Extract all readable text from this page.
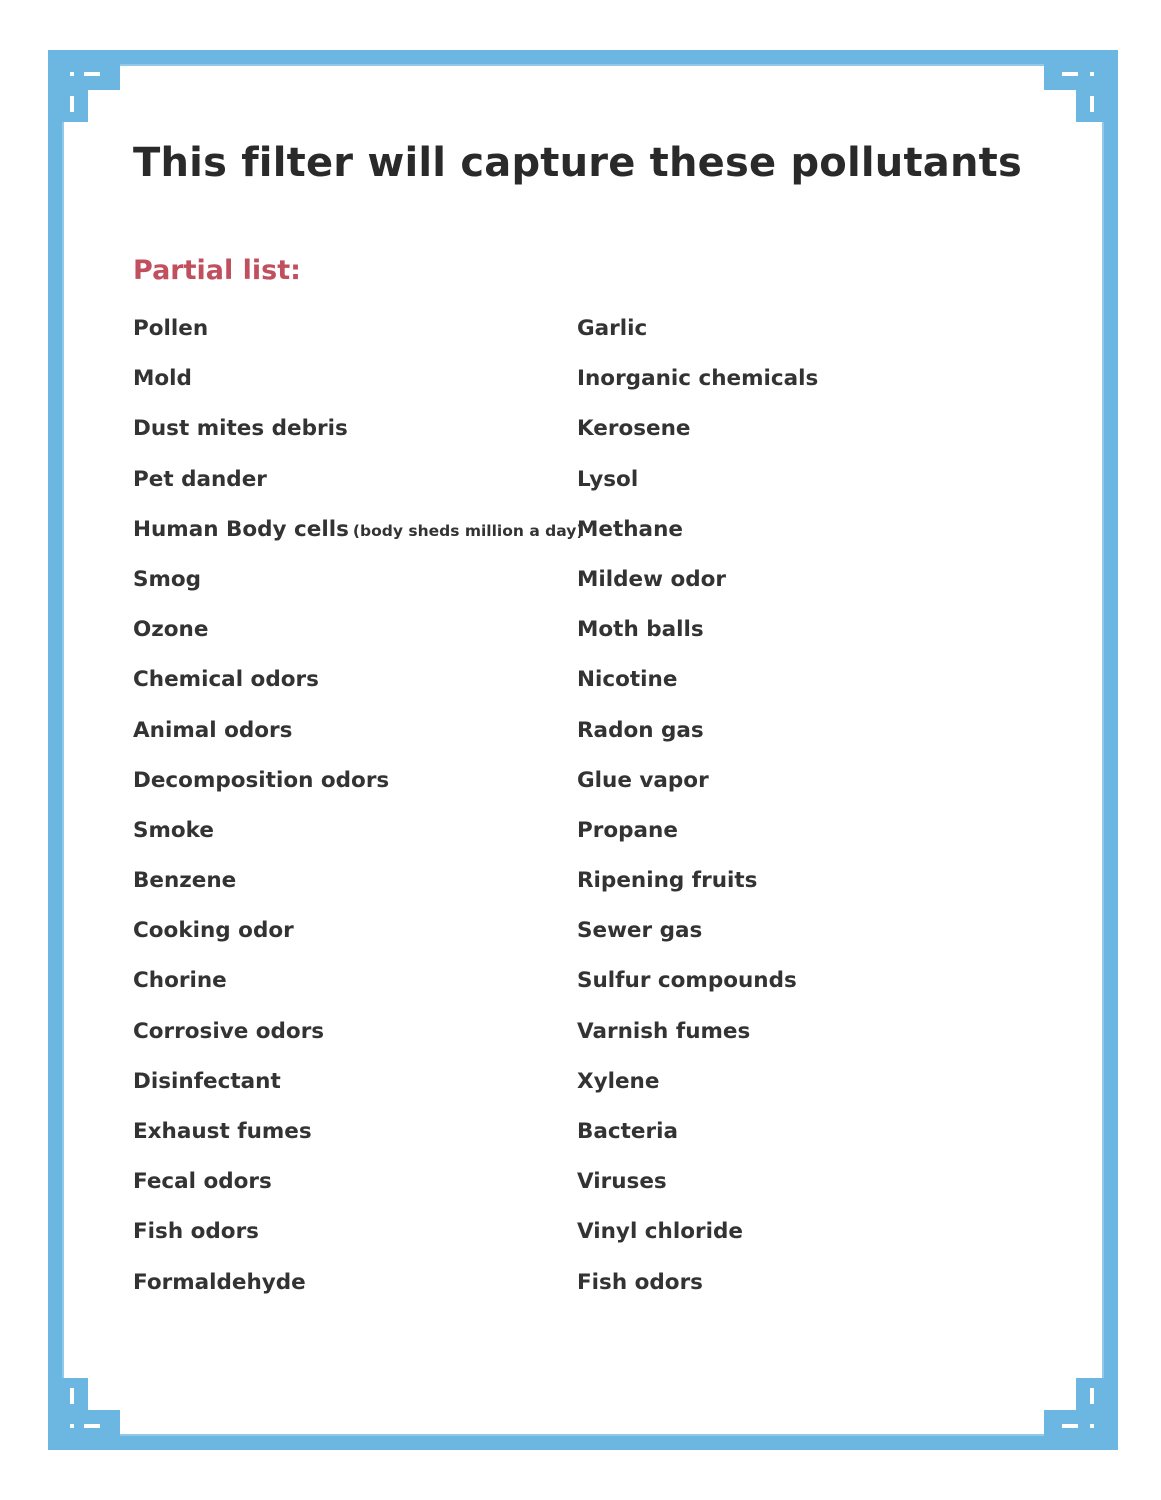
This filter will capture these pollutants
Partial list:
Pollen
Mold
Dust mites debris
Pet dander
Human Body cells (body sheds million a day)
Smog
Ozone
Chemical odors
Animal odors
Decomposition odors
Smoke
Benzene
Cooking odor
Chorine
Corrosive odors
Disinfectant
Exhaust fumes
Fecal odors
Fish odors
Formaldehyde
Garlic
Inorganic chemicals
Kerosene
Lysol
Methane
Mildew odor
Moth balls
Nicotine
Radon gas
Glue vapor
Propane
Ripening fruits
Sewer gas
Sulfur compounds
Varnish fumes
Xylene
Bacteria
Viruses
Vinyl chloride
Fish odors
